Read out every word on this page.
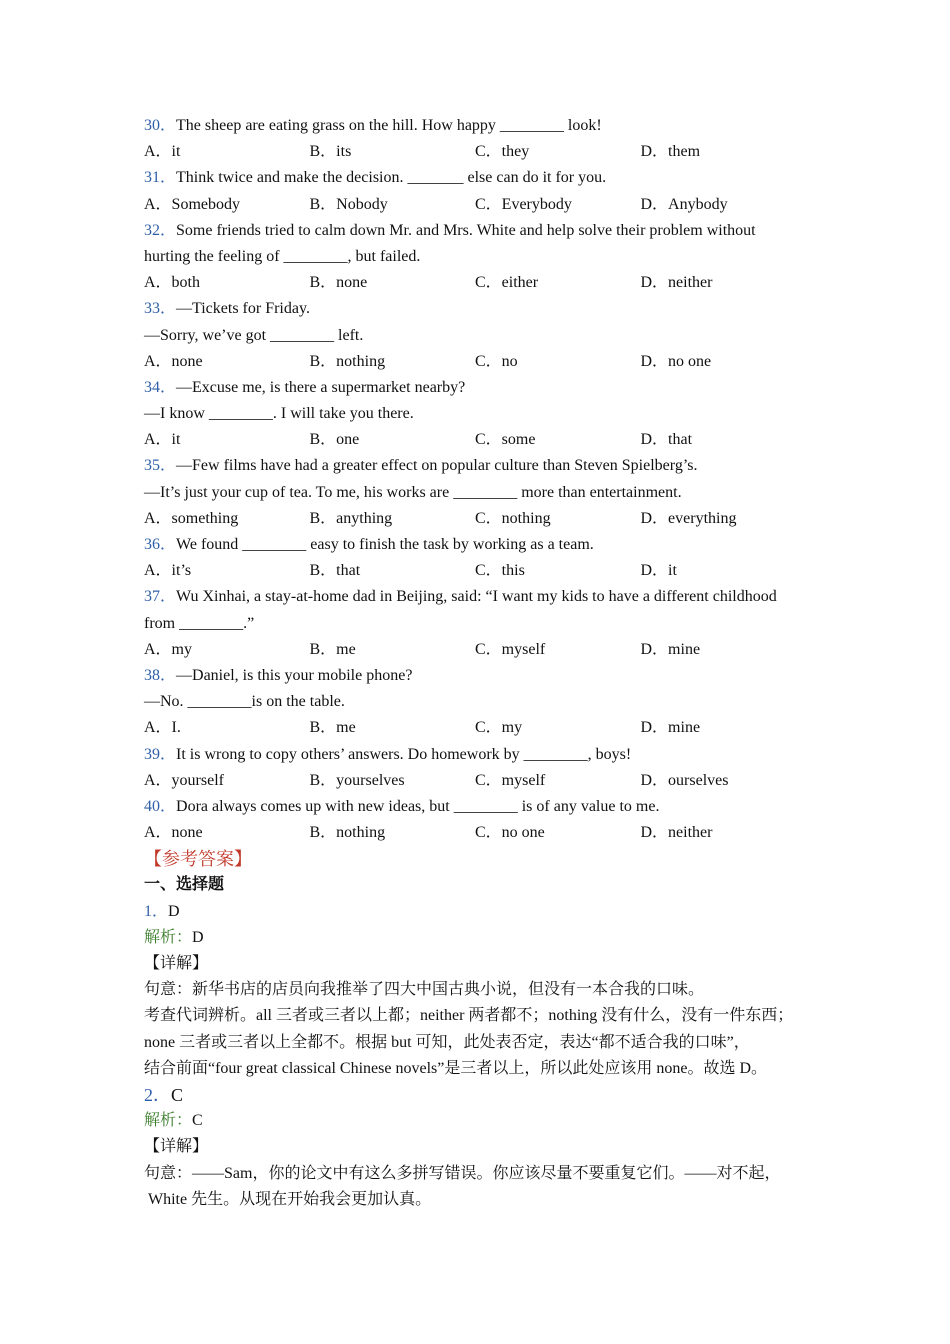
30．The sheep are eating grass on the hill. How happy ________ look!
A．it	B．its	C．they	D．them
31．Think twice and make the decision. _______ else can do it for you.
A．Somebody	B．Nobody	C．Everybody	D．Anybody
32．Some friends tried to calm down Mr. and Mrs. White and help solve their problem without
hurting the feeling of ________, but failed.
A．both	B．none	C．either	D．neither
33．—Tickets for Friday.
—Sorry, we’ve got ________ left.
A．none	B．nothing	C．no	D．no one
34．—Excuse me, is there a supermarket nearby?
—I know ________. I will take you there.
A．it	B．one	C．some	D．that
35．—Few films have had a greater effect on popular culture than Steven Spielberg’s.
—It’s just your cup of tea. To me, his works are ________ more than entertainment.
A．something	B．anything	C．nothing	D．everything
36．We found ________ easy to finish the task by working as a team.
A．it’s	B．that	C．this	D．it
37．Wu Xinhai, a stay-at-home dad in Beijing, said: “I want my kids to have a different childhood
from ________.”
A．my	B．me	C．myself	D．mine
38．—Daniel, is this your mobile phone?
—No. ________is on the table.
A．I.	B．me	C．my	D．mine
39．It is wrong to copy others’ answers. Do homework by ________, boys!
A．yourself	B．yourselves	C．myself	D．ourselves
40．Dora always comes up with new ideas, but ________ is of any value to me.
A．none	B．nothing	C．no one	D．neither
【参考答案】
一、选择题
1．D
解析：D
【详解】
句意：新华书店的店员向我推举了四大中国古典小说，但没有一本合我的口味。
考查代词辨析。all 三者或三者以上都；neither 两者都不；nothing 没有什么，没有一件东西；
none 三者或三者以上全都不。根据 but 可知，此处表否定，表达“都不适合我的口味”，
结合前面“four great classical Chinese novels”是三者以上，所以此处应该用 none。故选 D。
2．C
解析：C
【详解】
句意：——Sam，你的论文中有这么多拼写错误。你应该尽量不要重复它们。——对不起，
White 先生。从现在开始我会更加认真。
